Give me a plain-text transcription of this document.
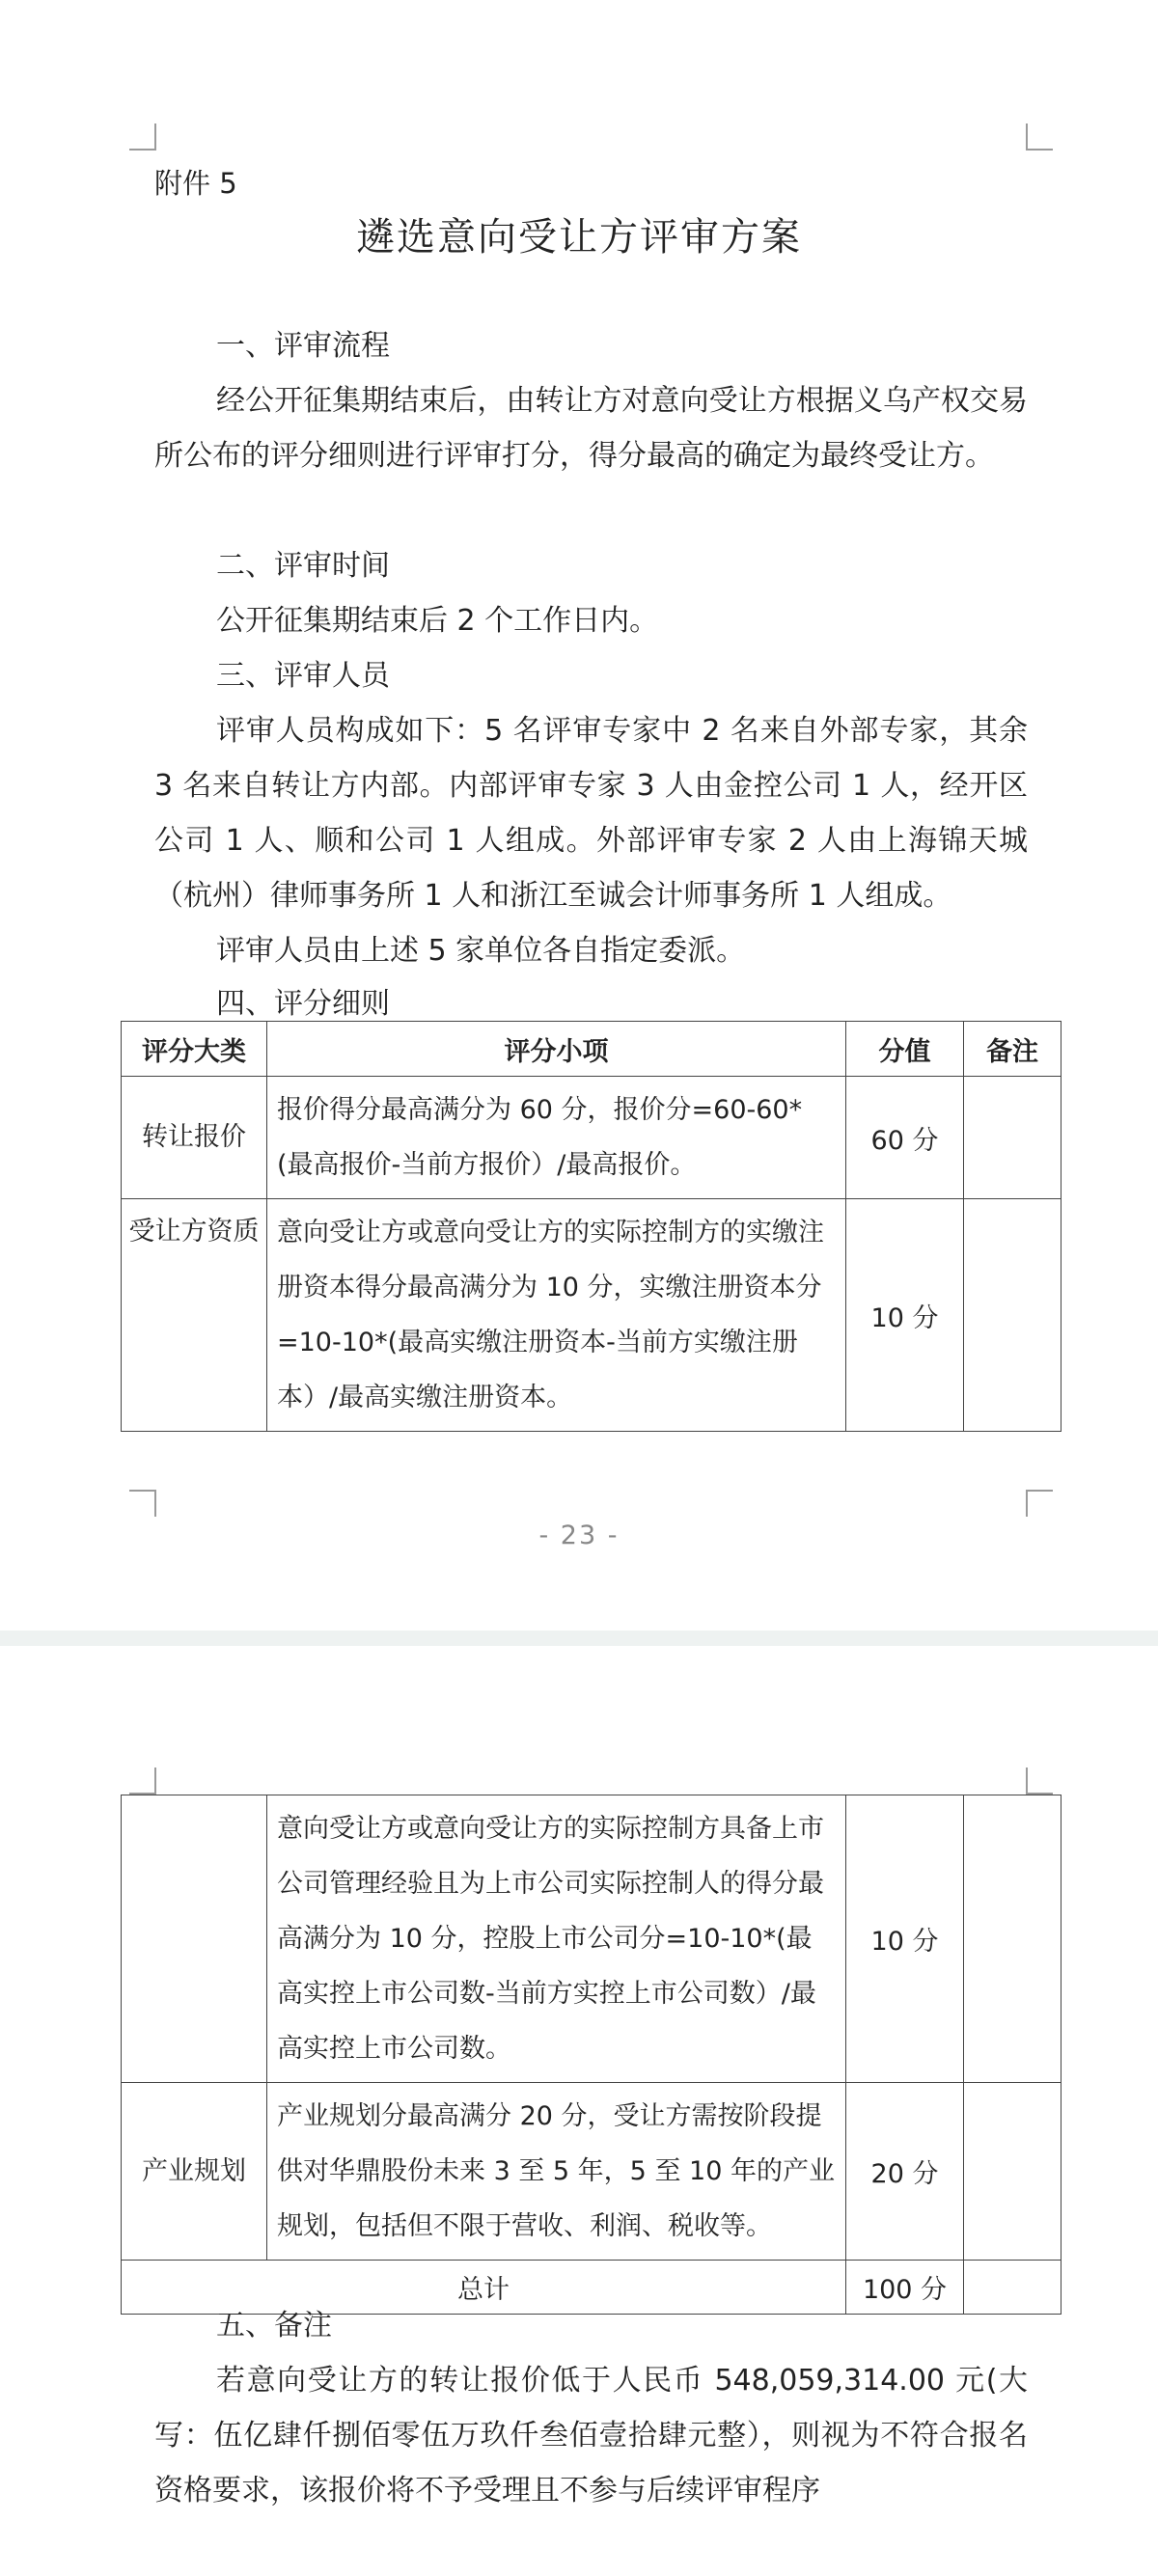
附件 5
遴选意向受让方评审方案
一、评审流程
经公开征集期结束后，由转让方对意向受让方根据义乌产权交易所公布的评分细则进行评审打分，得分最高的确定为最终受让方。
二、评审时间
公开征集期结束后 2 个工作日内。
三、评审人员
评审人员构成如下：5 名评审专家中 2 名来自外部专家，其余 3 名来自转让方内部。内部评审专家 3 人由金控公司 1 人，经开区公司 1 人、顺和公司 1 人组成。外部评审专家 2 人由上海锦天城（杭州）律师事务所 1 人和浙江至诚会计师事务所 1 人组成。
评审人员由上述 5 家单位各自指定委派。
四、评分细则
评分大类	评分小项	分值	备注
转让报价	报价得分最高满分为 60 分，报价分=60-60*(最高报价-当前方报价）/最高报价。	60 分	
受让方资质	意向受让方或意向受让方的实际控制方的实缴注册资本得分最高满分为 10 分，实缴注册资本分=10-10*(最高实缴注册资本-当前方实缴注册本）/最高实缴注册资本。	10 分	
- 23 -
	意向受让方或意向受让方的实际控制方具备上市公司管理经验且为上市公司实际控制人的得分最高满分为 10 分，控股上市公司分=10-10*(最高实控上市公司数-当前方实控上市公司数）/最高实控上市公司数。	10 分	
产业规划	产业规划分最高满分 20 分，受让方需按阶段提供对华鼎股份未来 3 至 5 年，5 至 10 年的产业规划，包括但不限于营收、利润、税收等。	20 分	
总计		100 分	
五、备注
若意向受让方的转让报价低于人民币 548,059,314.00 元(大写：伍亿肆仟捌佰零伍万玖仟叁佰壹拾肆元整），则视为不符合报名资格要求，该报价将不予受理且不参与后续评审程序
